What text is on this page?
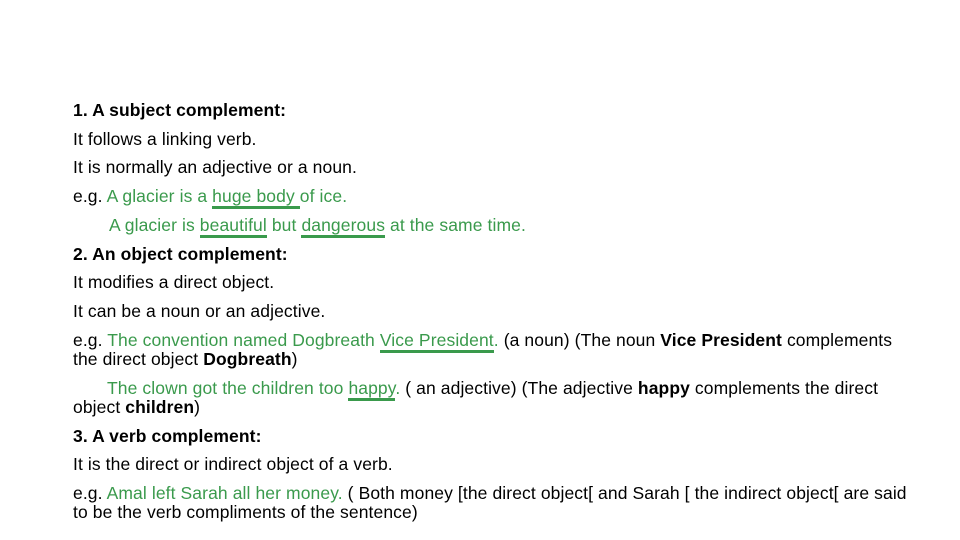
1. A subject complement:
It follows a linking verb.
It is normally an adjective or a noun.
e.g. A glacier is a huge body of ice.
A glacier is beautiful but dangerous at the same time.
2. An object complement:
It modifies a direct object.
It can be a noun or an adjective.
e.g. The convention named Dogbreath Vice President. (a noun) (The noun Vice President complements the direct object Dogbreath)
The clown got the children too happy. ( an adjective) (The adjective happy complements the direct object children)
3. A verb complement:
It is the direct or indirect object of a verb.
e.g. Amal left Sarah all her money. ( Both money [the direct object[ and Sarah [ the indirect object[ are said to be the verb compliments of the sentence)
